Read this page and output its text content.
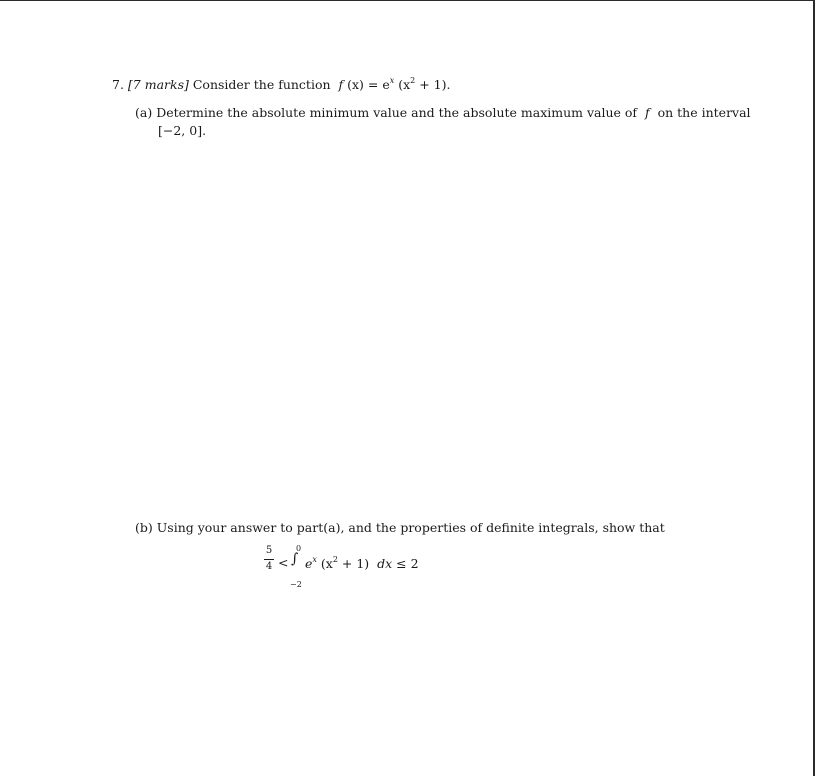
7. [7 marks] Consider the function f $(x) = e^x$ $(x^2 + 1)$.
(a) Determine the absolute minimum value and the absolute maximum value of f on the interval
[−2, 0].
(b) Using your answer to part(a), and the properties of definite integrals, show that
5
4 <
0
∫
−2
$e^x$ $(x^2 + 1)$ dx ≤ 2
